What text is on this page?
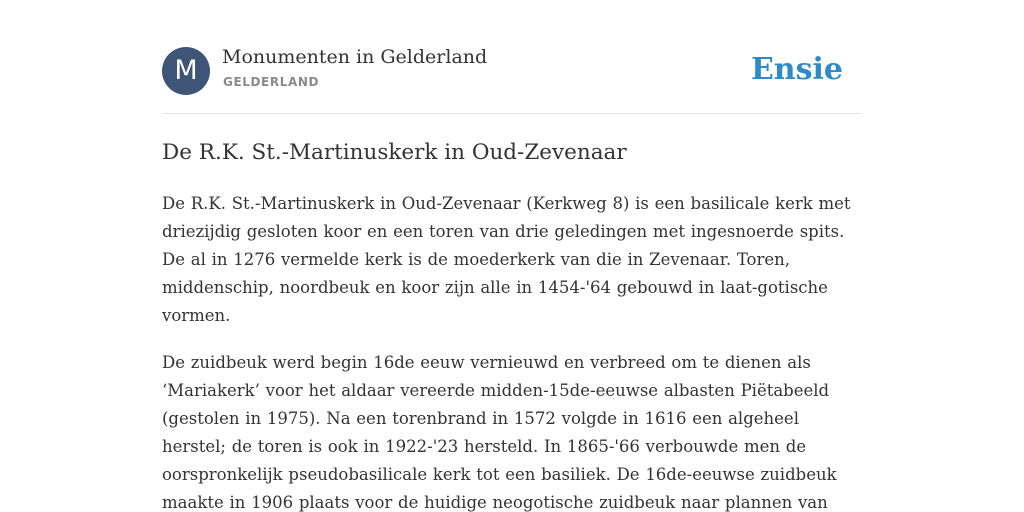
M	Monumenten in Gelderland
GELDERLAND	Ensie
De R.K. St.-Martinuskerk in Oud-Zevenaar

De R.K. St.-Martinuskerk in Oud-Zevenaar (Kerkweg 8) is een basilicale kerk met driezijdig gesloten koor en een toren van drie geledingen met ingesnoerde spits. De al in 1276 vermelde kerk is de moederkerk van die in Zevenaar. Toren, middenschip, noordbeuk en koor zijn alle in 1454-'64 gebouwd in laat-gotische vormen.

De zuidbeuk werd begin 16de eeuw vernieuwd en verbreed om te dienen als ‘Mariakerk’ voor het aldaar vereerde midden-15de-eeuwse albasten Piëtabeeld (gestolen in 1975). Na een torenbrand in 1572 volgde in 1616 een algeheel herstel; de toren is ook in 1922-'23 hersteld. In 1865-'66 verbouwde men de oorspronkelijk pseudobasilicale kerk tot een basiliek. De 16de-eeuwse zuidbeuk maakte in 1906 plaats voor de huidige neogotische zuidbeuk naar plannen van
